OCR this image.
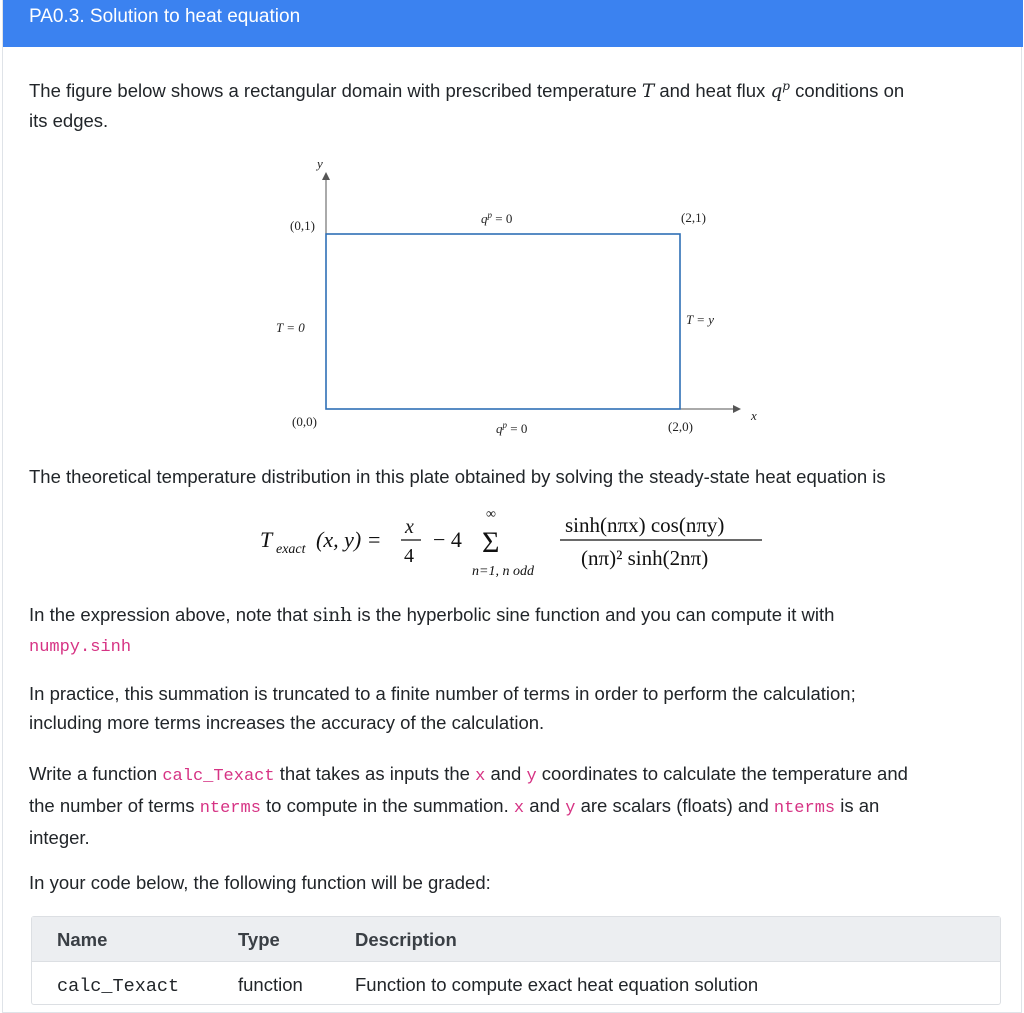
PA0.3. Solution to heat equation
The figure below shows a rectangular domain with prescribed temperature T and heat flux $q^p$ conditions on
its edges.
y
x
(0,1)
(2,1)
(0,0)	(2,0)
$q^p = 0$
$q^p = 0$
T = 0
T = y
The theoretical temperature distribution in this plate obtained by solving the steady-state heat equation is
T exact (x, y) = x
4
− 4
∞
Σ
n=1, n odd
sinh(nπx) cos(nπy)
(nπ)² sinh(2nπ)
In the expression above, note that sinh is the hyperbolic sine function and you can compute it with
numpy.sinh
In practice, this summation is truncated to a finite number of terms in order to perform the calculation;
including more terms increases the accuracy of the calculation.
Write a function calc_Texact that takes as inputs the x and y coordinates to calculate the temperature and
the number of terms nterms to compute in the summation. x and y are scalars (floats) and nterms is an
integer.
In your code below, the following function will be graded:
Name	Type	Description
calc_Texact	function	Function to compute exact heat equation solution
